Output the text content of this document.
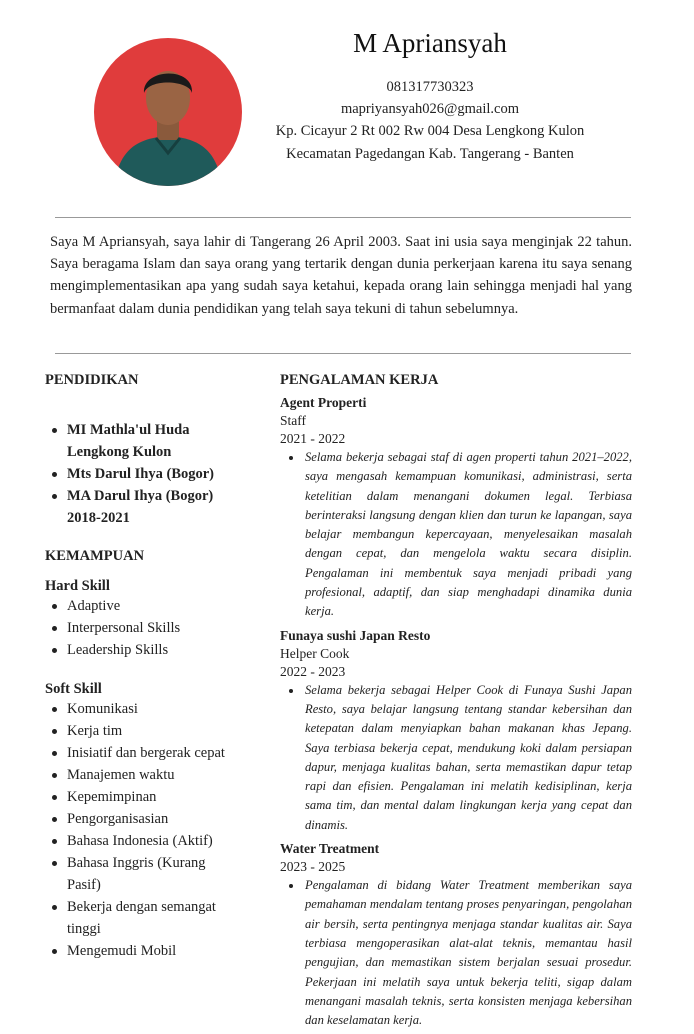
M Apriansyah
081317730323
mapriyansyah026@gmail.com
Kp. Cicayur 2 Rt 002 Rw 004 Desa Lengkong Kulon
Kecamatan Pagedangan Kab. Tangerang - Banten
Saya M Apriansyah, saya lahir di Tangerang 26 April 2003. Saat ini usia saya menginjak 22 tahun. Saya beragama Islam dan saya orang yang tertarik dengan dunia perkerjaan karena itu saya senang mengimplementasikan apa yang sudah saya ketahui, kepada orang lain sehingga menjadi hal yang bermanfaat dalam dunia pendidikan yang telah saya tekuni di tahun sebelumnya.
PENDIDIKAN
MI Mathla'ul Huda Lengkong Kulon
Mts Darul Ihya (Bogor)
MA Darul Ihya (Bogor) 2018-2021
KEMAMPUAN
Hard Skill
Adaptive
Interpersonal Skills
Leadership Skills
Soft Skill
Komunikasi
Kerja tim
Inisiatif dan bergerak cepat
Manajemen waktu
Kepemimpinan
Pengorganisasian
Bahasa Indonesia (Aktif)
Bahasa Inggris (Kurang Pasif)
Bekerja dengan semangat tinggi
Mengemudi Mobil
PENGALAMAN KERJA
Agent Properti
Staff
2021 - 2022
Selama bekerja sebagai staf di agen properti tahun 2021–2022, saya mengasah kemampuan komunikasi, administrasi, serta ketelitian dalam menangani dokumen legal. Terbiasa berinteraksi langsung dengan klien dan turun ke lapangan, saya belajar membangun kepercayaan, menyelesaikan masalah dengan cepat, dan mengelola waktu secara disiplin. Pengalaman ini membentuk saya menjadi pribadi yang profesional, adaptif, dan siap menghadapi dinamika dunia kerja.
Funaya sushi Japan Resto
Helper Cook
2022 - 2023
Selama bekerja sebagai Helper Cook di Funaya Sushi Japan Resto, saya belajar langsung tentang standar kebersihan dan ketepatan dalam menyiapkan bahan makanan khas Jepang. Saya terbiasa bekerja cepat, mendukung koki dalam persiapan dapur, menjaga kualitas bahan, serta memastikan dapur tetap rapi dan efisien. Pengalaman ini melatih kedisiplinan, kerja sama tim, dan mental dalam lingkungan kerja yang cepat dan dinamis.
Water Treatment
2023 - 2025
Pengalaman di bidang Water Treatment memberikan saya pemahaman mendalam tentang proses penyaringan, pengolahan air bersih, serta pentingnya menjaga standar kualitas air. Saya terbiasa mengoperasikan alat-alat teknis, memantau hasil pengujian, dan memastikan sistem berjalan sesuai prosedur. Pekerjaan ini melatih saya untuk bekerja teliti, sigap dalam menangani masalah teknis, serta konsisten menjaga kebersihan dan keselamatan kerja.
